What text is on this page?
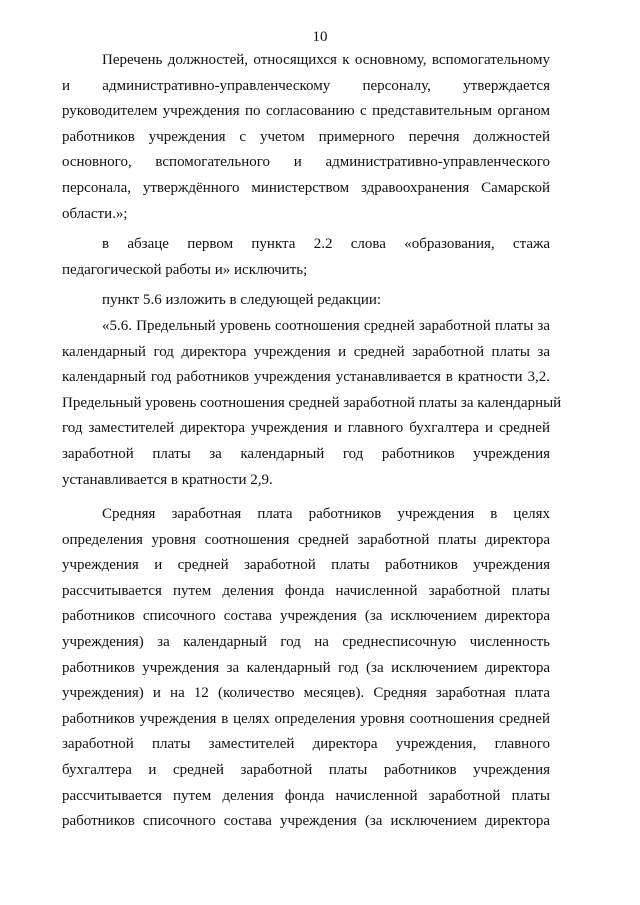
10

Перечень должностей, относящихся к основному, вспомогательному
и административно-управленческому персоналу, утверждается
руководителем учреждения по согласованию с представительным органом
работников учреждения с учетом примерного перечня должностей
основного, вспомогательного и административно-управленческого
персонала, утверждённого министерством здравоохранения Самарской
области.»;

в абзаце первом пункта 2.2 слова «образования, стажа
педагогической работы и» исключить;

пункт 5.6 изложить в следующей редакции:

«5.6. Предельный уровень соотношения средней заработной платы за
календарный год директора учреждения и средней заработной платы за
календарный год работников учреждения устанавливается в кратности 3,2.
Предельный уровень соотношения средней заработной платы за календарный
год заместителей директора учреждения и главного бухгалтера и средней
заработной платы за календарный год работников учреждения
устанавливается в кратности 2,9.

Средняя заработная плата работников учреждения в целях
определения уровня соотношения средней заработной платы директора
учреждения и средней заработной платы работников учреждения
рассчитывается путем деления фонда начисленной заработной платы
работников списочного состава учреждения (за исключением директора
учреждения) за календарный год на среднесписочную численность
работников учреждения за календарный год (за исключением директора
учреждения) и на 12 (количество месяцев). Средняя заработная плата
работников учреждения в целях определения уровня соотношения средней
заработной платы заместителей директора учреждения, главного
бухгалтера и средней заработной платы работников учреждения
рассчитывается путем деления фонда начисленной заработной платы
работников списочного состава учреждения (за исключением директора
